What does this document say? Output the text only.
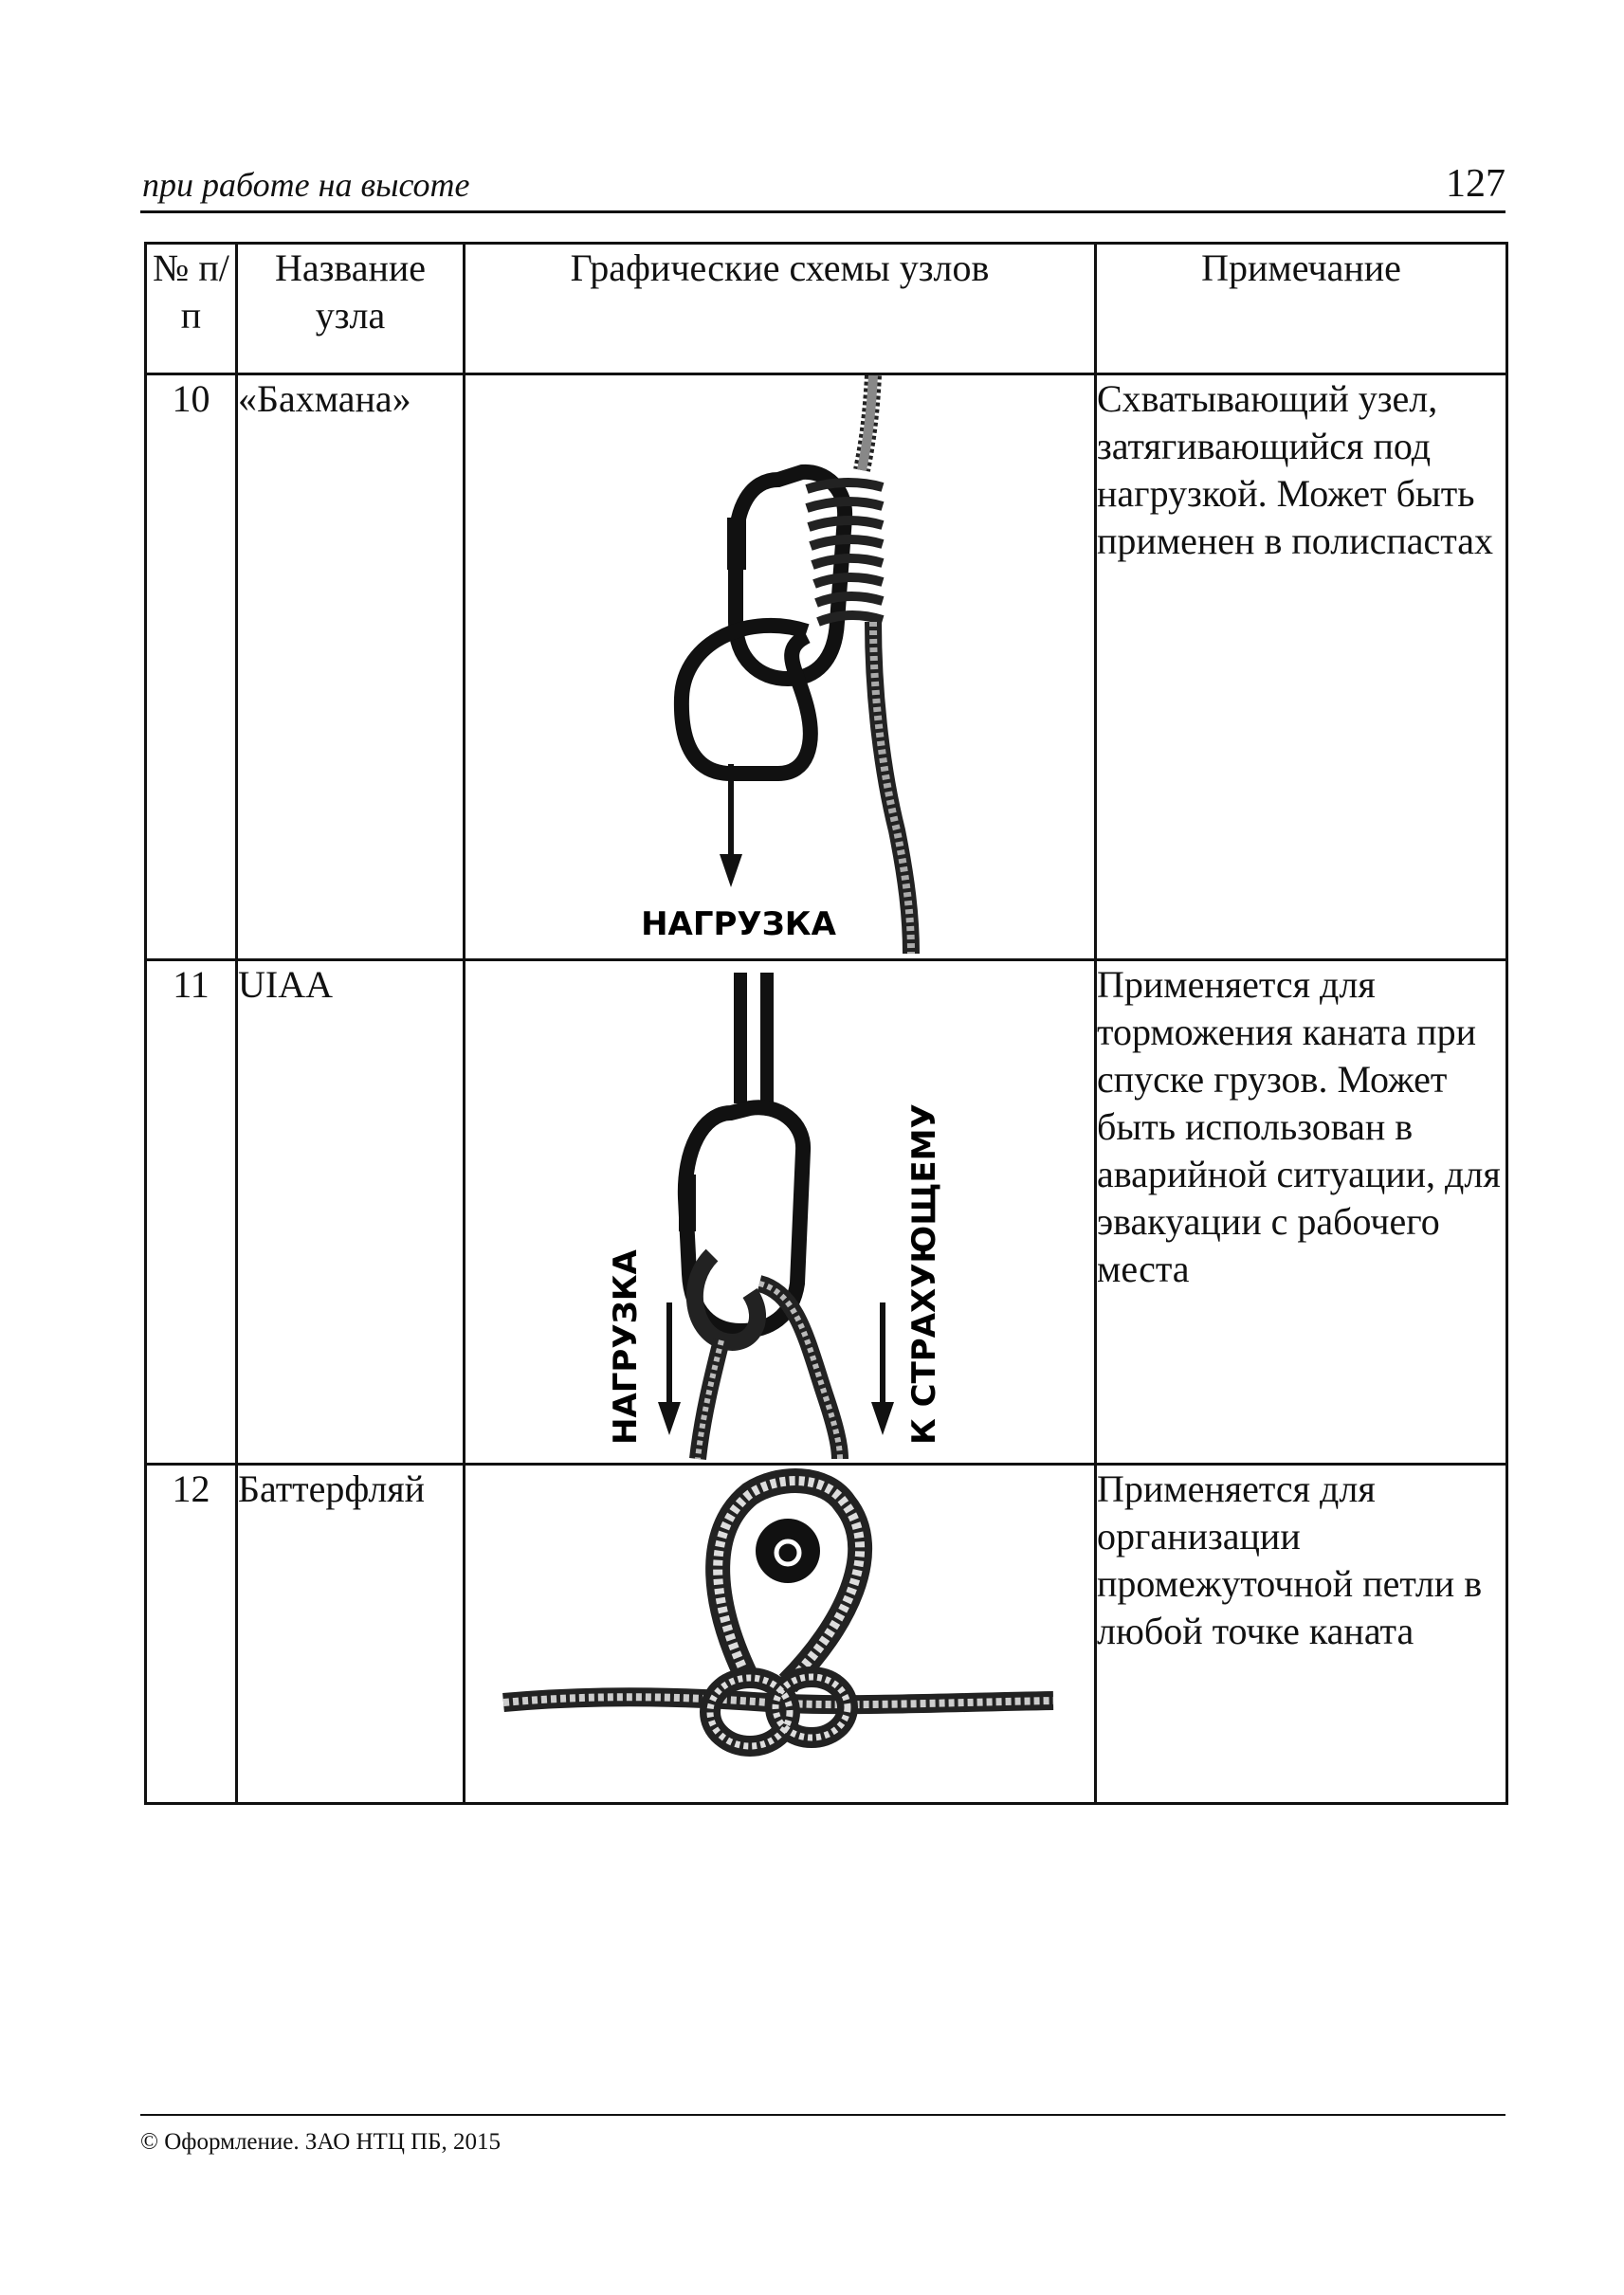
при работе на высоте	127
№ п/п	Название узла	Графические схемы узлов	Примечание
10	«Бахмана»	НАГРУЗКА	Схватывающий узел, затягивающийся под нагрузкой. Может быть применен в полиспастах
11	UIAA	НАГРУЗКА К СТРАХУЮЩЕМУ	Применяется для торможения каната при спуске грузов. Может быть использован в аварийной ситуации, для эвакуации с рабочего места
12	Баттерфляй		Применяется для организации промежуточной петли в любой точке каната
© Оформление. ЗАО НТЦ ПБ, 2015
